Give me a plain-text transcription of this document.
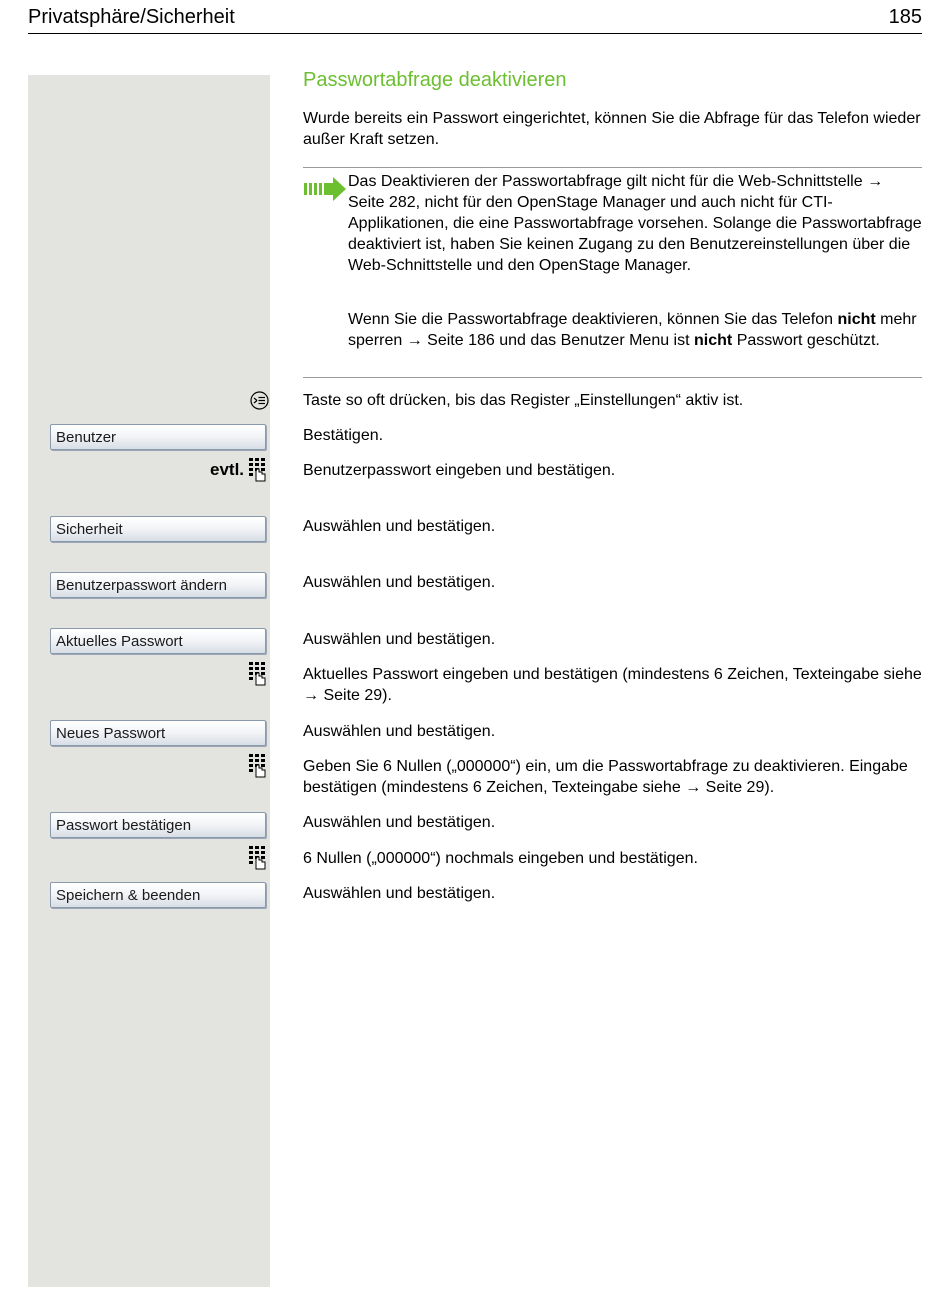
Privatsphäre/Sicherheit	185
Passwortabfrage deaktivieren
Wurde bereits ein Passwort eingerichtet, können Sie die Abfrage für das Telefon wieder außer Kraft setzen.
Das Deaktivieren der Passwortabfrage gilt nicht für die Web-Schnittstelle → Seite 282, nicht für den OpenStage Manager und auch nicht für CTI-Applikationen, die eine Passwortabfrage vorsehen. Solange die Passwortabfrage deaktiviert ist, haben Sie keinen Zugang zu den Benutzereinstellungen über die Web-Schnittstelle und den OpenStage Manager.
Wenn Sie die Passwortabfrage deaktivieren, können Sie das Telefon nicht mehr sperren → Seite 186 und das Benutzer Menu ist nicht Passwort geschützt.
Taste so oft drücken, bis das Register „Einstellungen“ aktiv ist.
Benutzer	Bestätigen.
evtl.	Benutzerpasswort eingeben und bestätigen.
Sicherheit	Auswählen und bestätigen.
Benutzerpasswort ändern	Auswählen und bestätigen.
Aktuelles Passwort	Auswählen und bestätigen.
Aktuelles Passwort eingeben und bestätigen (mindestens 6 Zeichen, Texteingabe siehe → Seite 29).
Neues Passwort	Auswählen und bestätigen.
Geben Sie 6 Nullen („000000“) ein, um die Passwortabfrage zu deaktivieren. Eingabe bestätigen (mindestens 6 Zeichen, Texteingabe siehe → Seite 29).
Passwort bestätigen	Auswählen und bestätigen.
6 Nullen („000000“) nochmals eingeben und bestätigen.
Speichern & beenden	Auswählen und bestätigen.
